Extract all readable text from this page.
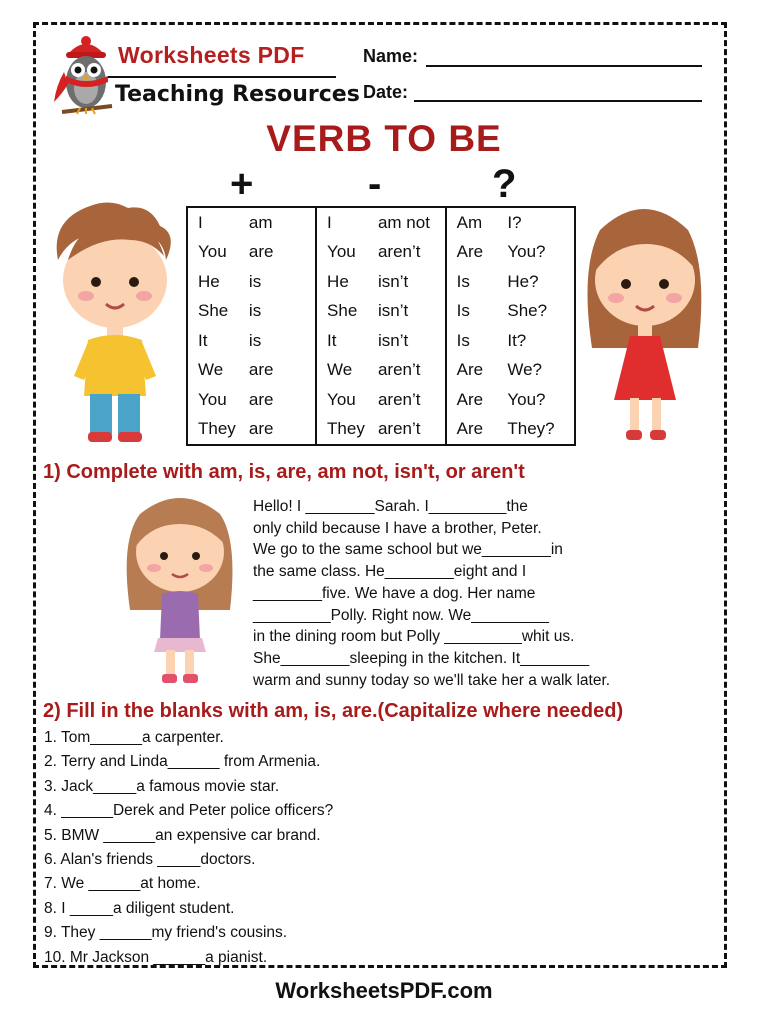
Worksheets PDF
Teaching Resources
Name:
Date:
VERB TO BE
+	-	?
I	am	I	am not	Am	I?
You	are	You	aren’t	Are	You?
He	is	He	isn’t	Is	He?
She	is	She	isn’t	Is	She?
It	is	It	isn’t	Is	It?
We	are	We	aren’t	Are	We?
You	are	You	aren’t	Are	You?
They	are	They	aren’t	Are	They?
1) Complete with am, is, are, am not, isn't, or aren't
Hello! I ________Sarah. I_________the
only child because I have a brother, Peter.
We go to the same school but we________in
the same class. He________eight and I
________five. We have a dog. Her name
_________Polly. Right now. We_________
in the dining room but Polly _________whit us.
She________sleeping in the kitchen. It________
warm and sunny today so we'll take her a walk later.
2) Fill in the blanks with am, is, are.(Capitalize where needed)
1. Tom______a carpenter.
2. Terry and Linda______ from Armenia.
3. Jack_____a famous movie star.
4. ______Derek and Peter police officers?
5. BMW ______an expensive car brand.
6. Alan's friends _____doctors.
7. We ______at home.
8. I _____a diligent student.
9. They ______my friend's cousins.
10. Mr Jackson ______a pianist.
WorksheetsPDF.com
